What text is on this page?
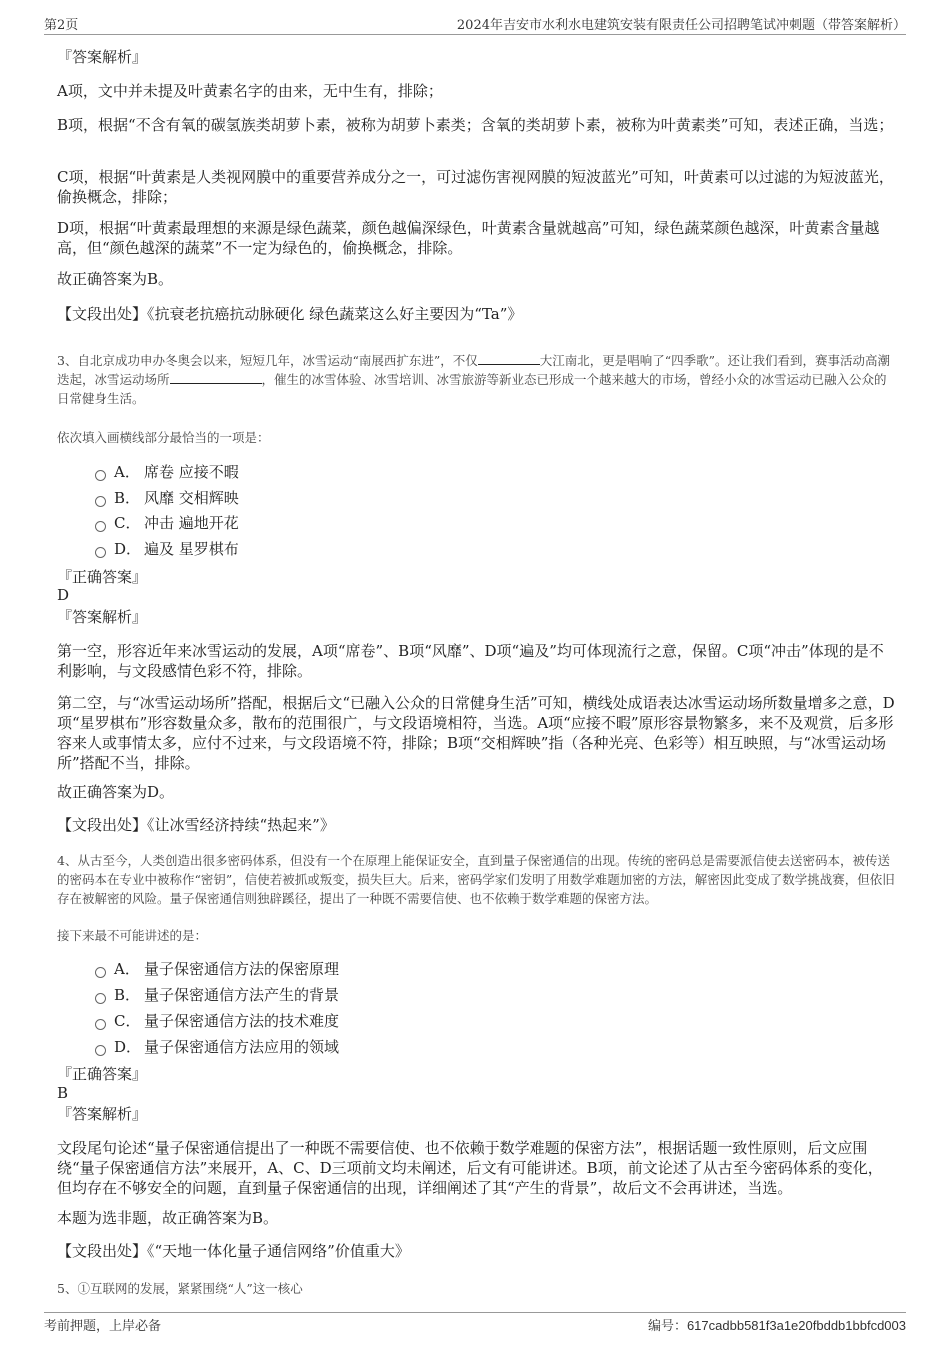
第2页	2024年吉安市水利水电建筑安装有限责任公司招聘笔试冲刺题（带答案解析）
『答案解析』
A项，文中并未提及叶黄素名字的由来，无中生有，排除；
B项，根据“不含有氧的碳氢族类胡萝卜素，被称为胡萝卜素类；含氧的类胡萝卜素，被称为叶黄素类”可知，表述正确，当选；
C项，根据“叶黄素是人类视网膜中的重要营养成分之一，可过滤伤害视网膜的短波蓝光”可知，叶黄素可以过滤的为短波蓝光，偷换概念，排除；
D项，根据“叶黄素最理想的来源是绿色蔬菜，颜色越偏深绿色，叶黄素含量就越高”可知，绿色蔬菜颜色越深，叶黄素含量越高，但“颜色越深的蔬菜”不一定为绿色的，偷换概念，排除。
故正确答案为B。
【文段出处】《抗衰老抗癌抗动脉硬化 绿色蔬菜这么好主要因为“Ta”》
3、自北京成功申办冬奥会以来，短短几年，冰雪运动“南展西扩东进”，不仅	大江南北，更是唱响了“四季歌”。还让我们看到，赛事活动高潮迭起，冰雪运动场所	，催生的冰雪体验、冰雪培训、冰雪旅游等新业态已形成一个越来越大的市场，曾经小众的冰雪运动已融入公众的日常健身生活。
依次填入画横线部分最恰当的一项是：
A． 席卷 应接不暇
B． 风靡 交相辉映
C． 冲击 遍地开花
D． 遍及 星罗棋布
『正确答案』
D
『答案解析』
第一空，形容近年来冰雪运动的发展，A项“席卷”、B项“风靡”、D项“遍及”均可体现流行之意，保留。C项“冲击”体现的是不利影响，与文段感情色彩不符，排除。
第二空，与“冰雪运动场所”搭配，根据后文“已融入公众的日常健身生活”可知，横线处成语表达冰雪运动场所数量增多之意，D项“星罗棋布”形容数量众多，散布的范围很广，与文段语境相符，当选。A项“应接不暇”原形容景物繁多，来不及观赏，后多形容来人或事情太多，应付不过来，与文段语境不符，排除；B项“交相辉映”指（各种光亮、色彩等）相互映照，与“冰雪运动场所”搭配不当，排除。
故正确答案为D。
【文段出处】《让冰雪经济持续“热起来”》
4、从古至今，人类创造出很多密码体系，但没有一个在原理上能保证安全，直到量子保密通信的出现。传统的密码总是需要派信使去送密码本，被传送的密码本在专业中被称作“密钥”，信使若被抓或叛变，损失巨大。后来，密码学家们发明了用数学难题加密的方法，解密因此变成了数学挑战赛，但依旧存在被解密的风险。量子保密通信则独辟蹊径，提出了一种既不需要信使、也不依赖于数学难题的保密方法。
接下来最不可能讲述的是：
A． 量子保密通信方法的保密原理
B． 量子保密通信方法产生的背景
C． 量子保密通信方法的技术难度
D． 量子保密通信方法应用的领域
『正确答案』
B
『答案解析』
文段尾句论述“量子保密通信提出了一种既不需要信使、也不依赖于数学难题的保密方法”，根据话题一致性原则，后文应围绕“量子保密通信方法”来展开，A、C、D三项前文均未阐述，后文有可能讲述。B项，前文论述了从古至今密码体系的变化，但均存在不够安全的问题，直到量子保密通信的出现，详细阐述了其“产生的背景”，故后文不会再讲述，当选。
本题为选非题，故正确答案为B。
【文段出处】《“天地一体化量子通信网络”价值重大》
5、①互联网的发展，紧紧围绕“人”这一核心
考前押题，上岸必备	编号：617cadbb581f3a1e20fbddb1bbfcd003
